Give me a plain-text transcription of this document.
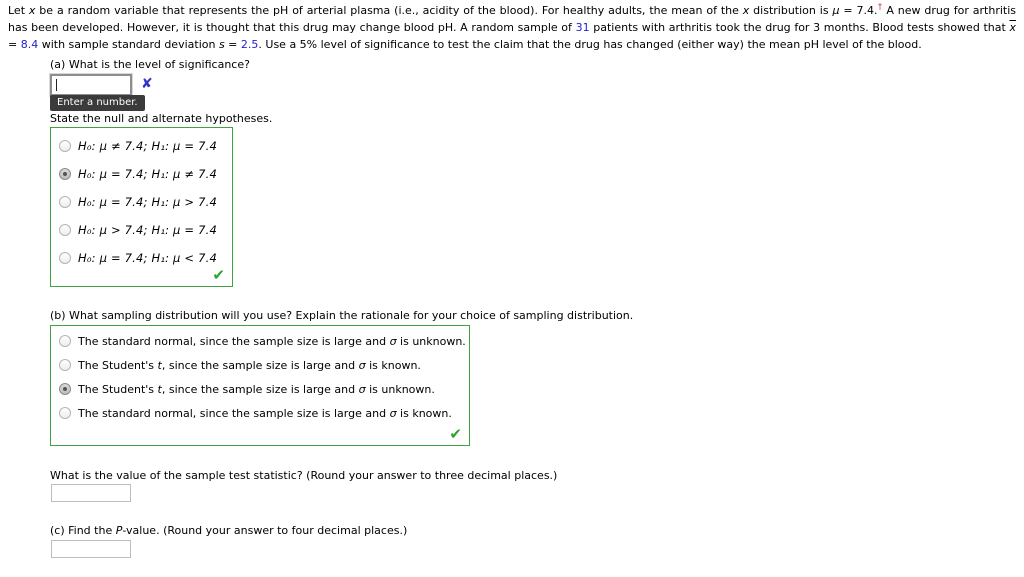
Let x be a random variable that represents the pH of arterial plasma (i.e., acidity of the blood). For healthy adults, the mean of the x distribution is μ = 7.4.† A new drug for arthritis has been developed. However, it is thought that this drug may change blood pH. A random sample of 31 patients with arthritis took the drug for 3 months. Blood tests showed that $\overline{x} = 8.4$ with sample standard deviation s = 2.5. Use a 5% level of significance to test the claim that the drug has changed (either way) the mean pH level of the blood.
(a) What is the level of significance?
✘
Enter a number.
State the null and alternate hypotheses.
H₀: μ ≠ 7.4; H₁: μ = 7.4
H₀: μ = 7.4; H₁: μ ≠ 7.4
H₀: μ = 7.4; H₁: μ > 7.4
H₀: μ > 7.4; H₁: μ = 7.4
H₀: μ = 7.4; H₁: μ < 7.4
✔
(b) What sampling distribution will you use? Explain the rationale for your choice of sampling distribution.
The standard normal, since the sample size is large and σ is unknown.
The Student's t, since the sample size is large and σ is known.
The Student's t, since the sample size is large and σ is unknown.
The standard normal, since the sample size is large and σ is known.
✔
What is the value of the sample test statistic? (Round your answer to three decimal places.)
(c) Find the P-value. (Round your answer to four decimal places.)
